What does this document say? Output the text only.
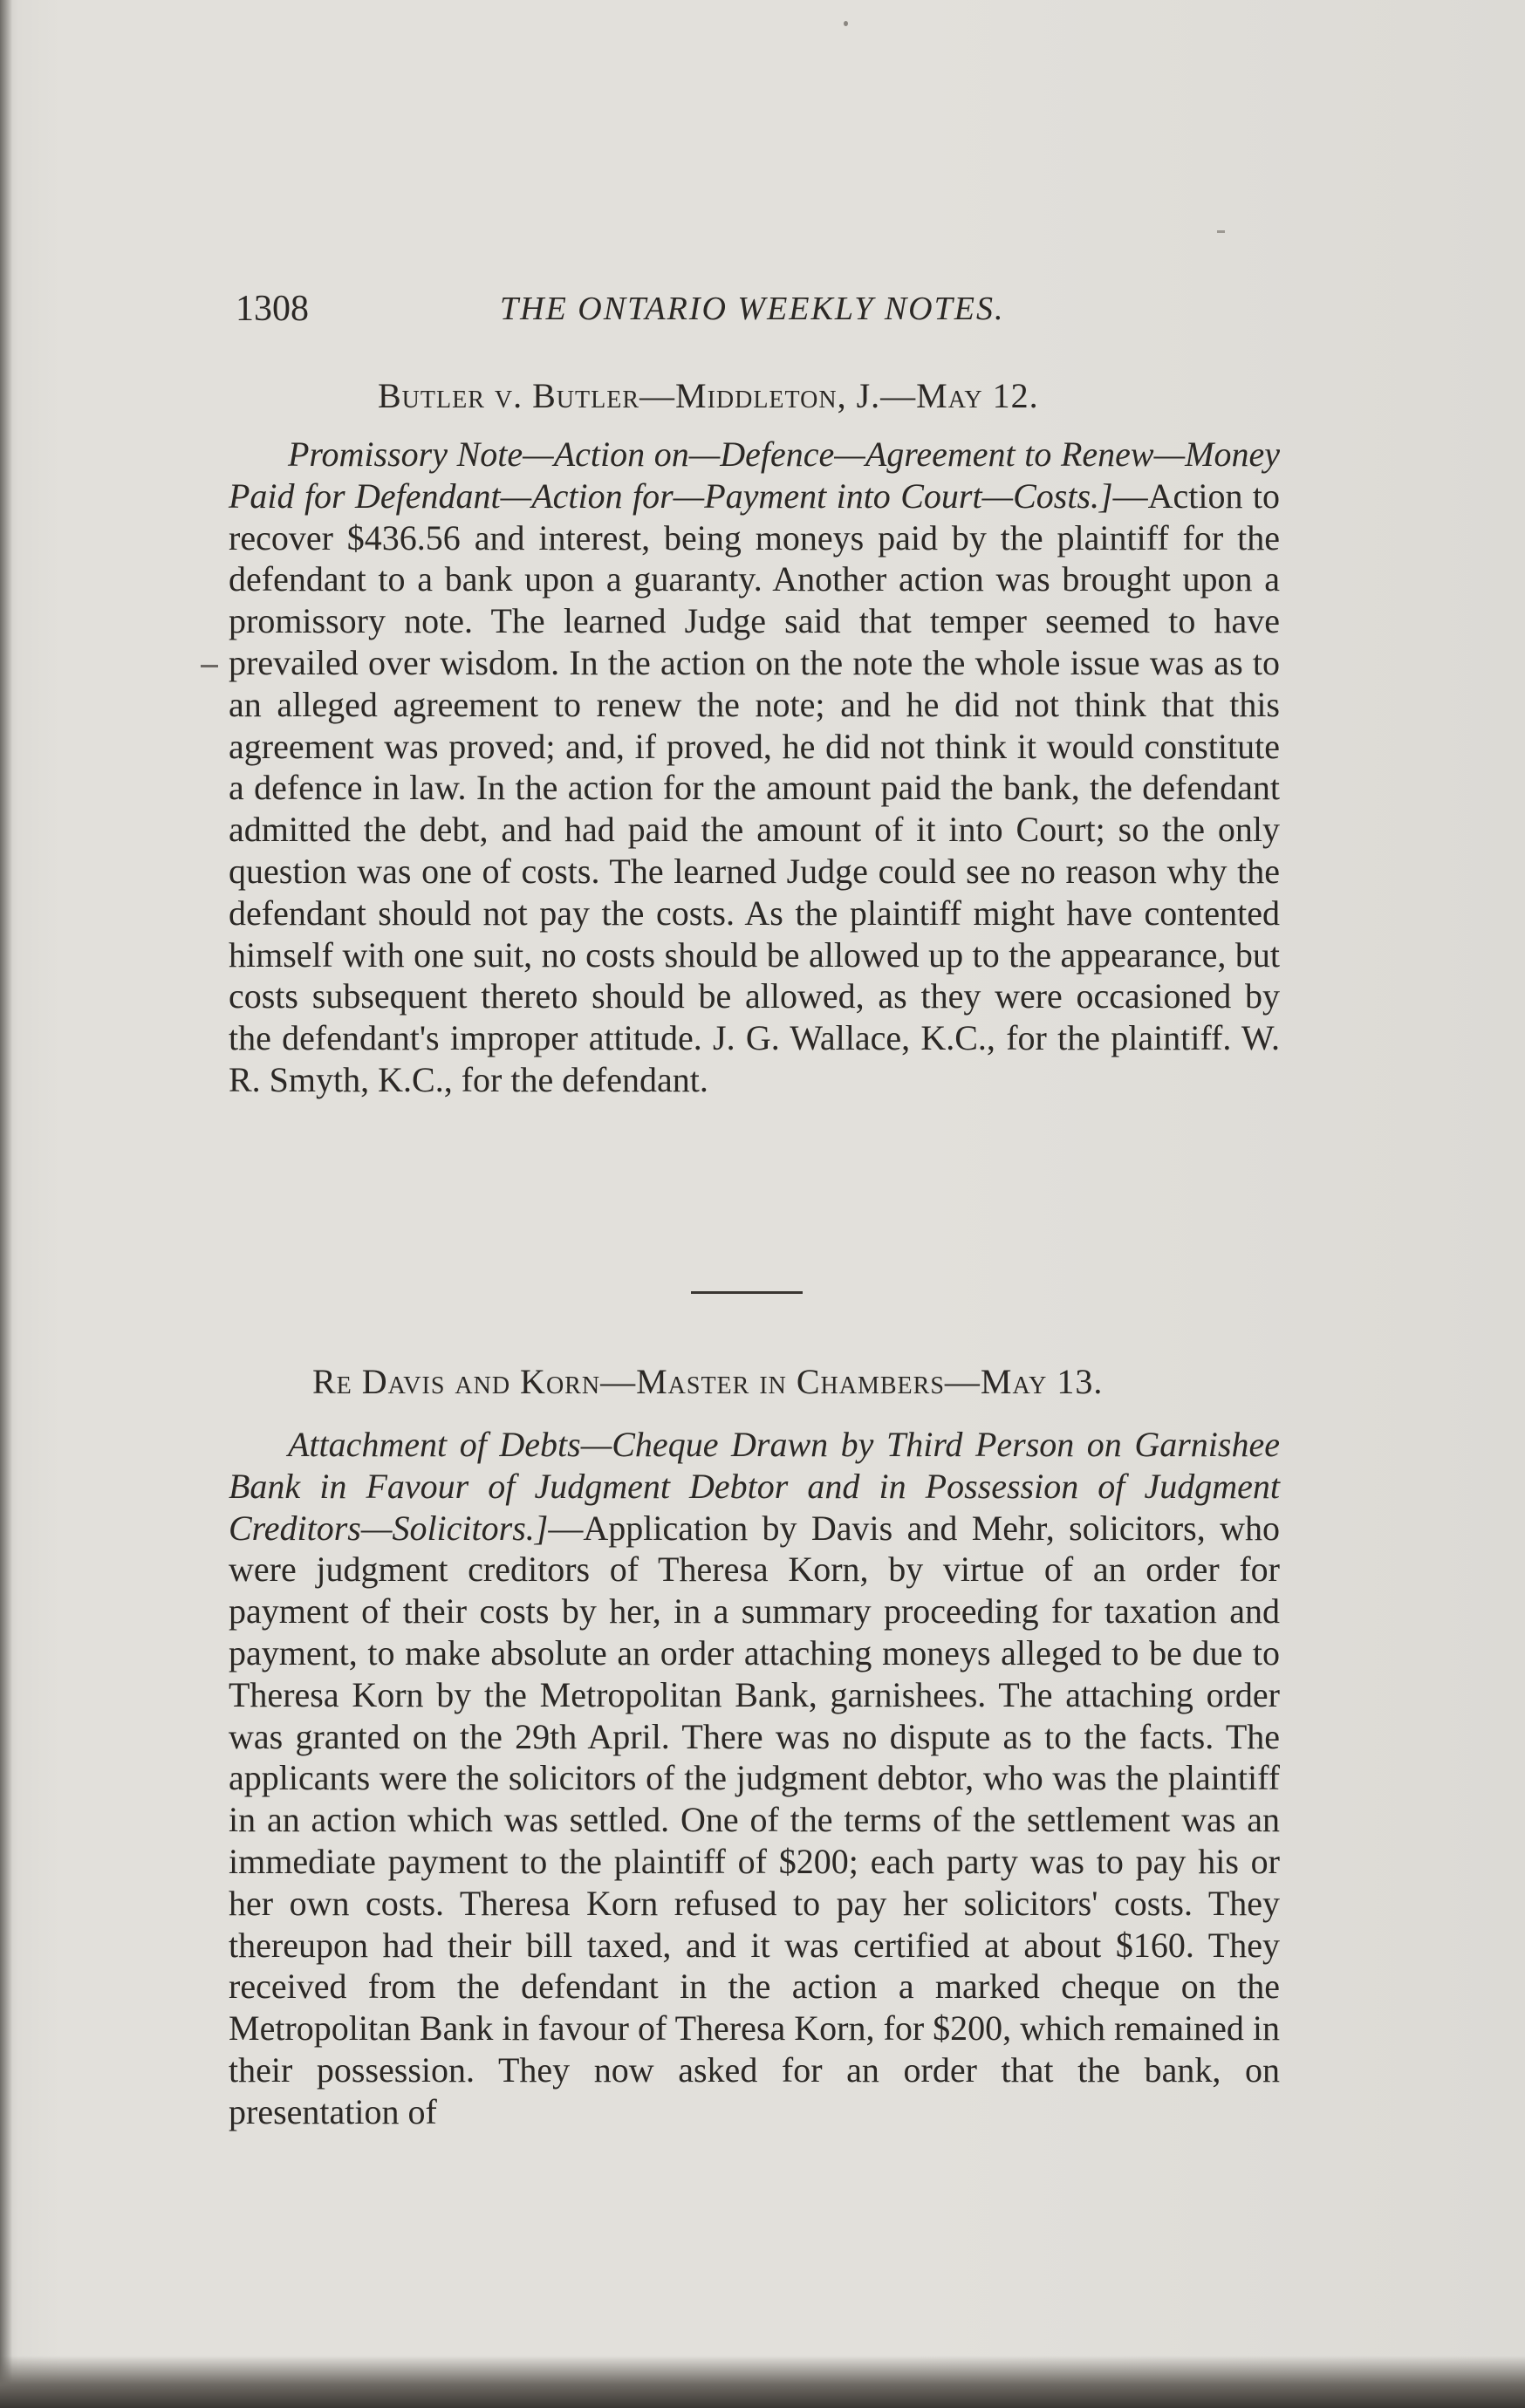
1308	THE ONTARIO WEEKLY NOTES.
Butler v. Butler—Middleton, J.—May 12.

Promissory Note—Action on—Defence—Agreement to Renew—Money Paid for Defendant—Action for—Payment into Court—Costs.]—Action to recover $436.56 and interest, being moneys paid by the plaintiff for the defendant to a bank upon a guaranty. Another action was brought upon a promissory note. The learned Judge said that temper seemed to have prevailed over wisdom. In the action on the note the whole issue was as to an alleged agreement to renew the note; and he did not think that this agreement was proved; and, if proved, he did not think it would constitute a defence in law. In the action for the amount paid the bank, the defendant admitted the debt, and had paid the amount of it into Court; so the only question was one of costs. The learned Judge could see no reason why the defendant should not pay the costs. As the plaintiff might have contented himself with one suit, no costs should be allowed up to the appearance, but costs subsequent thereto should be allowed, as they were occasioned by the defendant's improper attitude. J. G. Wallace, K.C., for the plaintiff. W. R. Smyth, K.C., for the defendant.

Re Davis and Korn—Master in Chambers—May 13.

Attachment of Debts—Cheque Drawn by Third Person on Garnishee Bank in Favour of Judgment Debtor and in Possession of Judgment Creditors—Solicitors.]—Application by Davis and Mehr, solicitors, who were judgment creditors of Theresa Korn, by virtue of an order for payment of their costs by her, in a summary proceeding for taxation and payment, to make absolute an order attaching moneys alleged to be due to Theresa Korn by the Metropolitan Bank, garnishees. The attaching order was granted on the 29th April. There was no dispute as to the facts. The applicants were the solicitors of the judgment debtor, who was the plaintiff in an action which was settled. One of the terms of the settlement was an immediate payment to the plaintiff of $200; each party was to pay his or her own costs. Theresa Korn refused to pay her solicitors' costs. They thereupon had their bill taxed, and it was certified at about $160. They received from the defendant in the action a marked cheque on the Metropolitan Bank in favour of Theresa Korn, for $200, which remained in their possession. They now asked for an order that the bank, on presentation of
